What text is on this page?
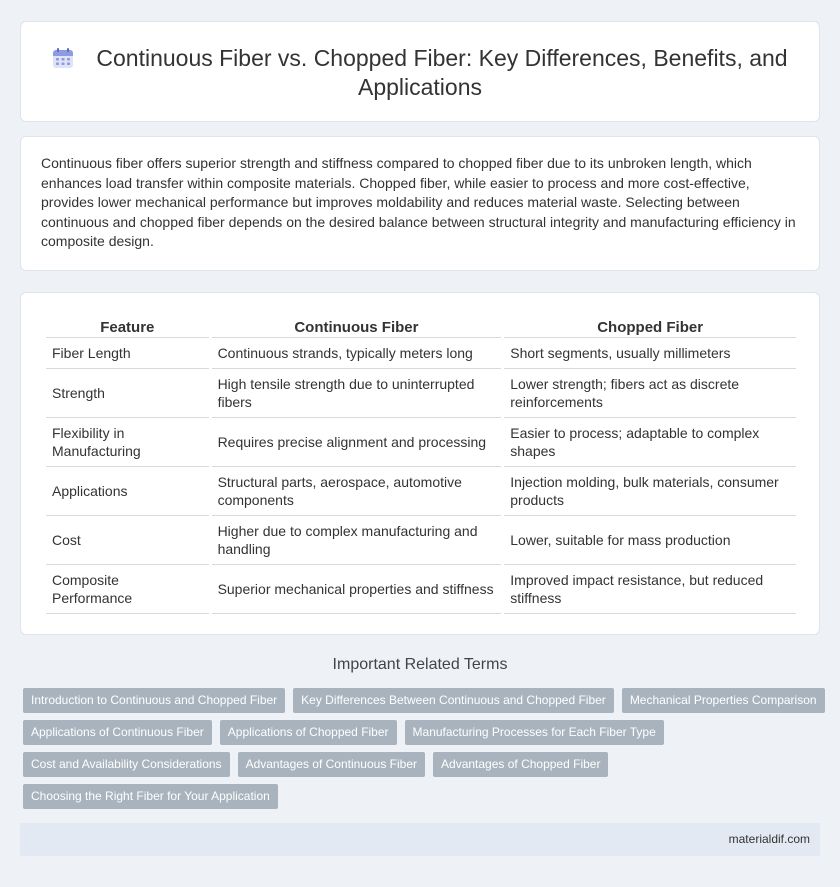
Continuous Fiber vs. Chopped Fiber: Key Differences, Benefits, and Applications

Continuous fiber offers superior strength and stiffness compared to chopped fiber due to its unbroken length, which enhances load transfer within composite materials. Chopped fiber, while easier to process and more cost-effective, provides lower mechanical performance but improves moldability and reduces material waste. Selecting between continuous and chopped fiber depends on the desired balance between structural integrity and manufacturing efficiency in composite design.

Feature	Continuous Fiber	Chopped Fiber
Fiber Length	Continuous strands, typically meters long	Short segments, usually millimeters
Strength	High tensile strength due to uninterrupted fibers	Lower strength; fibers act as discrete reinforcements
Flexibility in Manufacturing	Requires precise alignment and processing	Easier to process; adaptable to complex shapes
Applications	Structural parts, aerospace, automotive components	Injection molding, bulk materials, consumer products
Cost	Higher due to complex manufacturing and handling	Lower, suitable for mass production
Composite Performance	Superior mechanical properties and stiffness	Improved impact resistance, but reduced stiffness
Important Related Terms
Introduction to Continuous and Chopped Fiber	Key Differences Between Continuous and Chopped Fiber	Mechanical Properties Comparison
Applications of Continuous Fiber	Applications of Chopped Fiber	Manufacturing Processes for Each Fiber Type
Cost and Availability Considerations	Advantages of Continuous Fiber	Advantages of Chopped Fiber
Choosing the Right Fiber for Your Application
materialdif.com
